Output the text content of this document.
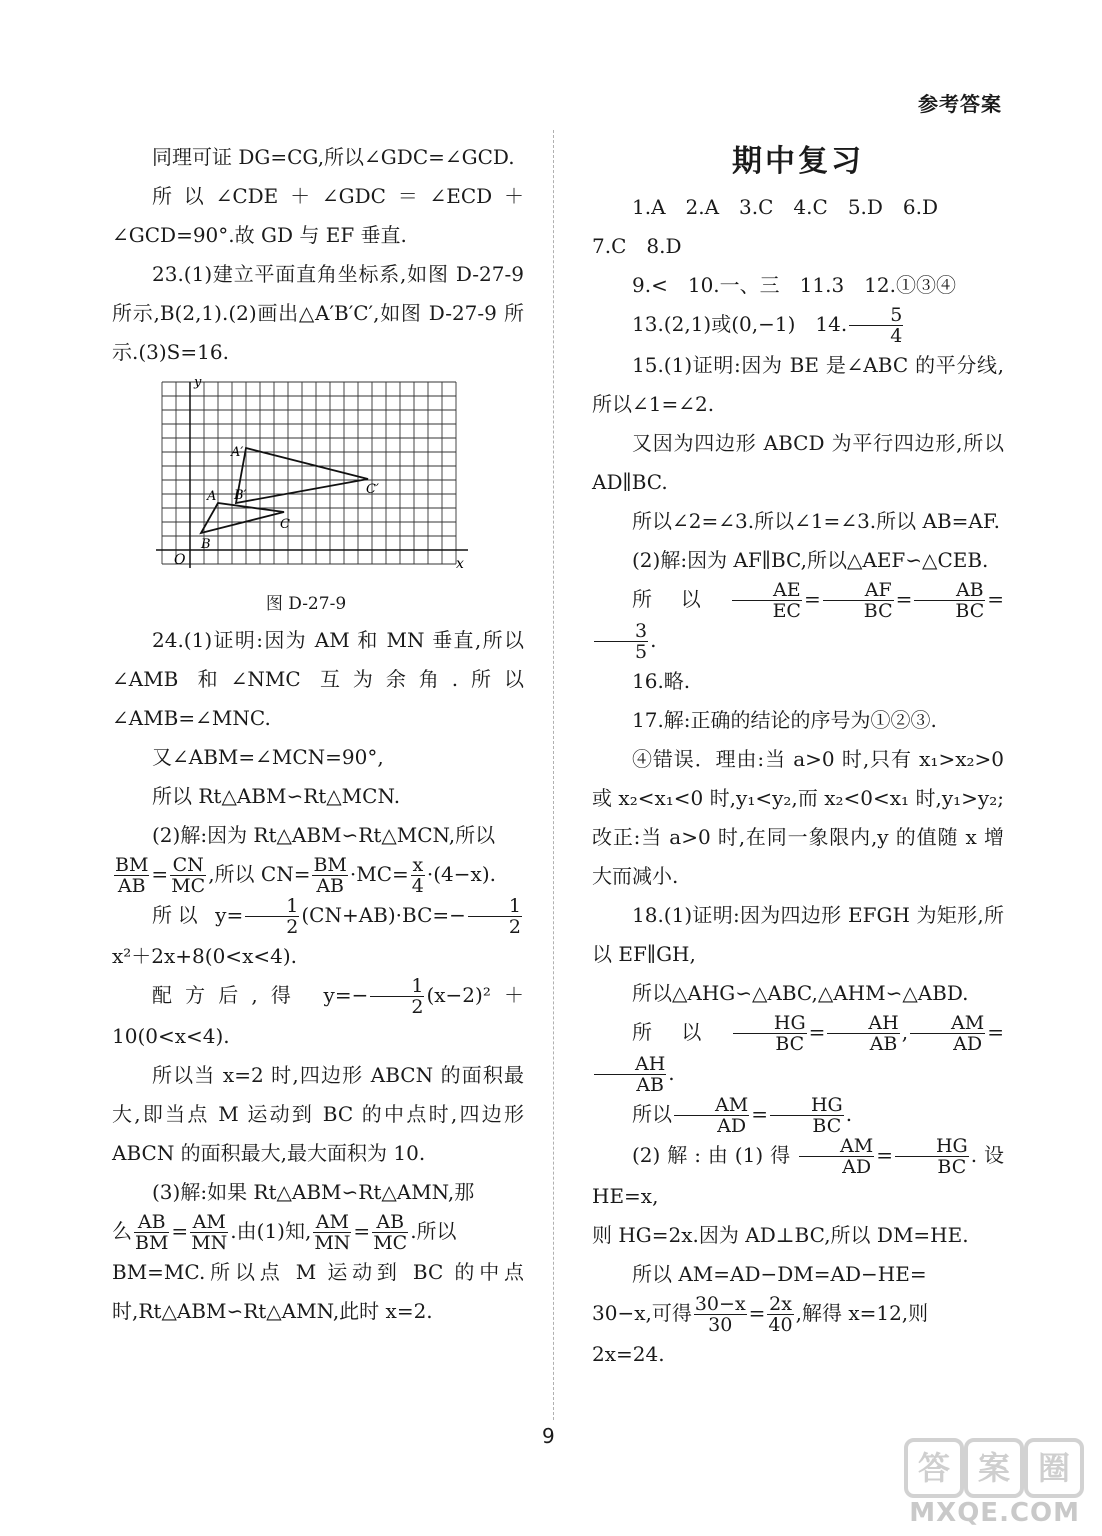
参考答案

同理可证 DG=CG,所以∠GDC=∠GCD.

所以∠CDE＋∠GDC＝∠ECD＋∠GCD=90°.故 GD 与 EF 垂直.

23.(1)建立平面直角坐标系,如图 D-27-9 所示,B(2,1).(2)画出△A′B′C′,如图 D-27-9 所示.(3)S=16.

x
y
O
A
B
C
A′
B′	C′
图 D-27-9

24.(1)证明:因为 AM 和 MN 垂直,所以∠AMB 和∠NMC 互为余角.所以∠AMB=∠MNC.

又∠ABM=∠MCN=90°,

所以 Rt△ABM∽Rt△MCN.

(2)解:因为 Rt△ABM∽Rt△MCN,所以

$\frac{BM}{AB} = \frac{CN}{MC}$ ,所以 $CN= \frac{BM}{AB} \cdot MC= \frac{x}{4} \cdot(4-x)$.

所以 $y= \frac{1}{2} (CN+AB)\cdot BC=- \frac{1}{2}$
x²＋2x+8(0<x<4).

配方后,得 $y=- \frac{1}{2} (x-2)^2+10(0<x<4)$.

所以当 x=2 时,四边形 ABCN 的面积最大,即当点 M 运动到 BC 的中点时,四边形 ABCN 的面积最大,最大面积为 10.

(3)解:如果 Rt△ABM∽Rt△AMN,那

么 $\frac{AB}{BM} = \frac{AM}{MN}$ .由(1)知, $\frac{AM}{MN} = \frac{AB}{MC}$ .所以

BM=MC.所以点 M 运动到 BC 的中点时,Rt△ABM∽Rt△AMN,此时 x=2.

期中复习

1.A　2.A　3.C　4.C　5.D　6.D

7.C　8.D

9.<　10.一、三　11.3　12.①③④

13.(2,1)或(0,−1)　14. $\frac{5}{4}$

15.(1)证明:因为 BE 是∠ABC 的平分线,所以∠1=∠2.

又因为四边形 ABCD 为平行四边形,所以 AD∥BC.

所以∠2=∠3.所以∠1=∠3.所以 AB=AF.

(2)解:因为 AF∥BC,所以△AEF∽△CEB.

所以 $\frac{AE}{EC} = \frac{AF}{BC} = \frac{AB}{BC}$ =
$\frac{3}{5}$ .

16.略.

17.解:正确的结论的序号为①②③.

④错误．理由:当 a>0 时,只有 x₁>x₂>0 或 x₂<x₁<0 时,y₁<y₂,而 x₂<0<x₁ 时,y₁>y₂;改正:当 a>0 时,在同一象限内,y 的值随 x 增大而减小.

18.(1)证明:因为四边形 EFGH 为矩形,所以 EF∥GH,

所以△AHG∽△ABC,△AHM∽△ABD.

所以 $\frac{HG}{BC} = \frac{AH}{AB}$ , $\frac{AM}{AD}$ =
$\frac{AH}{AB}$ .

所以 $\frac{AM}{AD} = \frac{HG}{BC}$ .

(2)解:由(1)得 $\frac{AM}{AD} = \frac{HG}{BC}$ .设 HE=x,

则 HG=2x.因为 AD⊥BC,所以 DM=HE.

所以 AM=AD−DM=AD−HE=

30−x,可得 $\frac{30-x}{30} = \frac{2x}{40}$ ,解得 x=12,则

2x=24.

9
答 案 圈
MXQE.COM
